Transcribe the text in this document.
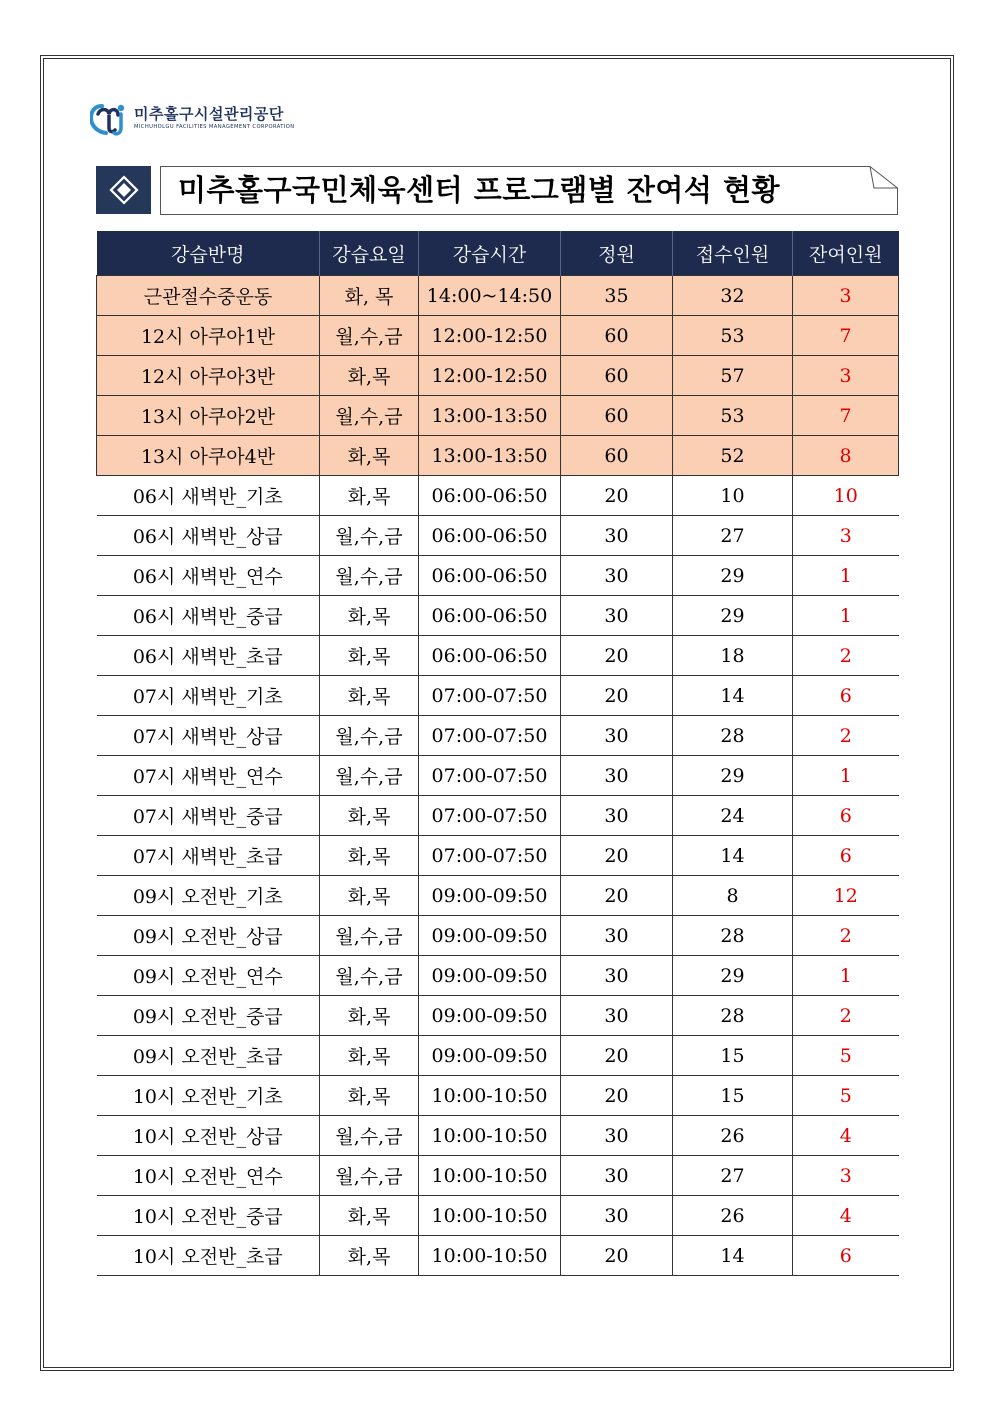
미추홀구시설관리공단
MICHUHOLGU FACILITIES MANAGEMENT CORPORATION
미추홀구국민체육센터 프로그램별 잔여석 현황
강습반명	강습요일	강습시간	정원	접수인원	잔여인원
근관절수중운동	화, 목	14:00~14:50	35	32	3
12시 아쿠아1반	월,수,금	12:00-12:50	60	53	7
12시 아쿠아3반	화,목	12:00-12:50	60	57	3
13시 아쿠아2반	월,수,금	13:00-13:50	60	53	7
13시 아쿠아4반	화,목	13:00-13:50	60	52	8
06시 새벽반_기초	화,목	06:00-06:50	20	10	10
06시 새벽반_상급	월,수,금	06:00-06:50	30	27	3
06시 새벽반_연수	월,수,금	06:00-06:50	30	29	1
06시 새벽반_중급	화,목	06:00-06:50	30	29	1
06시 새벽반_초급	화,목	06:00-06:50	20	18	2
07시 새벽반_기초	화,목	07:00-07:50	20	14	6
07시 새벽반_상급	월,수,금	07:00-07:50	30	28	2
07시 새벽반_연수	월,수,금	07:00-07:50	30	29	1
07시 새벽반_중급	화,목	07:00-07:50	30	24	6
07시 새벽반_초급	화,목	07:00-07:50	20	14	6
09시 오전반_기초	화,목	09:00-09:50	20	8	12
09시 오전반_상급	월,수,금	09:00-09:50	30	28	2
09시 오전반_연수	월,수,금	09:00-09:50	30	29	1
09시 오전반_중급	화,목	09:00-09:50	30	28	2
09시 오전반_초급	화,목	09:00-09:50	20	15	5
10시 오전반_기초	화,목	10:00-10:50	20	15	5
10시 오전반_상급	월,수,금	10:00-10:50	30	26	4
10시 오전반_연수	월,수,금	10:00-10:50	30	27	3
10시 오전반_중급	화,목	10:00-10:50	30	26	4
10시 오전반_초급	화,목	10:00-10:50	20	14	6
